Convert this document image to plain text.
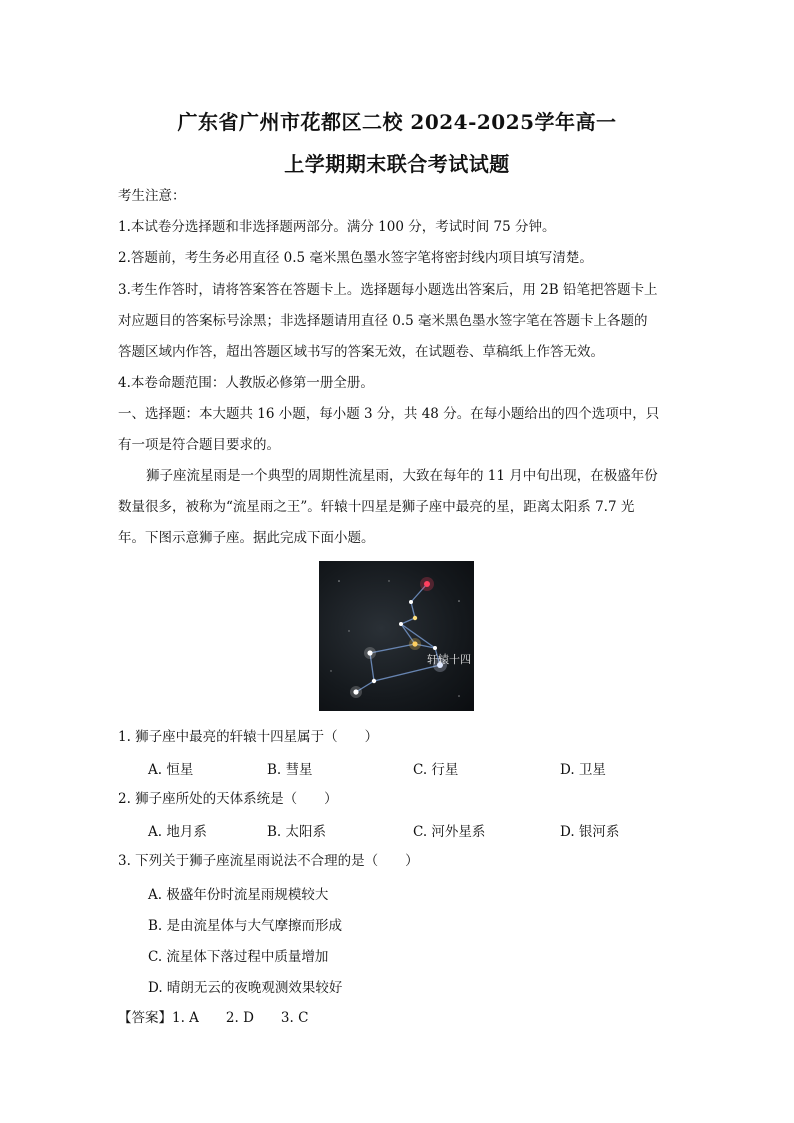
广东省广州市花都区二校 2024-2025学年高一
上学期期末联合考试试题
考生注意：
1.本试卷分选择题和非选择题两部分。满分 100 分，考试时间 75 分钟。
2.答题前，考生务必用直径 0.5 毫米黑色墨水签字笔将密封线内项目填写清楚。
3.考生作答时，请将答案答在答题卡上。选择题每小题选出答案后，用 2B 铅笔把答题卡上
对应题目的答案标号涂黑；非选择题请用直径 0.5 毫米黑色墨水签字笔在答题卡上各题的
答题区域内作答，超出答题区域书写的答案无效，在试题卷、草稿纸上作答无效。
4.本卷命题范围：人教版必修第一册全册。
一、选择题：本大题共 16 小题，每小题 3 分，共 48 分。在每小题给出的四个选项中，只
有一项是符合题目要求的。
狮子座流星雨是一个典型的周期性流星雨，大致在每年的 11 月中旬出现，在极盛年份
数量很多，被称为“流星雨之王”。轩辕十四星是狮子座中最亮的星，距离太阳系 7.7 光
年。下图示意狮子座。据此完成下面小题。
轩辕十四
1. 狮子座中最亮的轩辕十四星属于（　　）
A. 恒星	B. 彗星	C. 行星	D. 卫星
2. 狮子座所处的天体系统是（　　）
A. 地月系	B. 太阳系	C. 河外星系	D. 银河系
3. 下列关于狮子座流星雨说法不合理的是（　　）
A. 极盛年份时流星雨规模较大
B. 是由流星体与大气摩擦而形成
C. 流星体下落过程中质量增加
D. 晴朗无云的夜晚观测效果较好
【答案】1. A　　2. D　　3. C
